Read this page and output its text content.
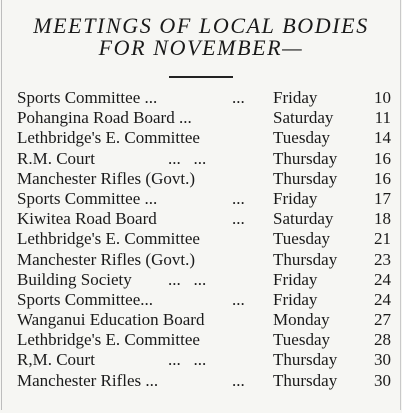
MEETINGS OF LOCAL BODIES
FOR NOVEMBER—
Sports Committee ...	... Friday	10
Pohangina Road Board ...	Saturday 11
Lethbridge's E. Committee	Tuesday	14
R.M. Court	...   ...	Thursday 16
Manchester Rifles (Govt.)	Thursday 16
Sports Committee ...	... Friday	17
Kiwitea Road Board	... Saturday 18
Lethbridge's E. Committee	Tuesday	21
Manchester Rifles (Govt.)	Thursday 23
Building Society ...   ...	Friday	24
Sports Committee...	... Friday	24
Wanganui Education Board	Monday	27
Lethbridge's E. Committee	Tuesday	28
R,M. Court	...   ...	Thursday 30
Manchester Rifles ...	... Thursday 30
